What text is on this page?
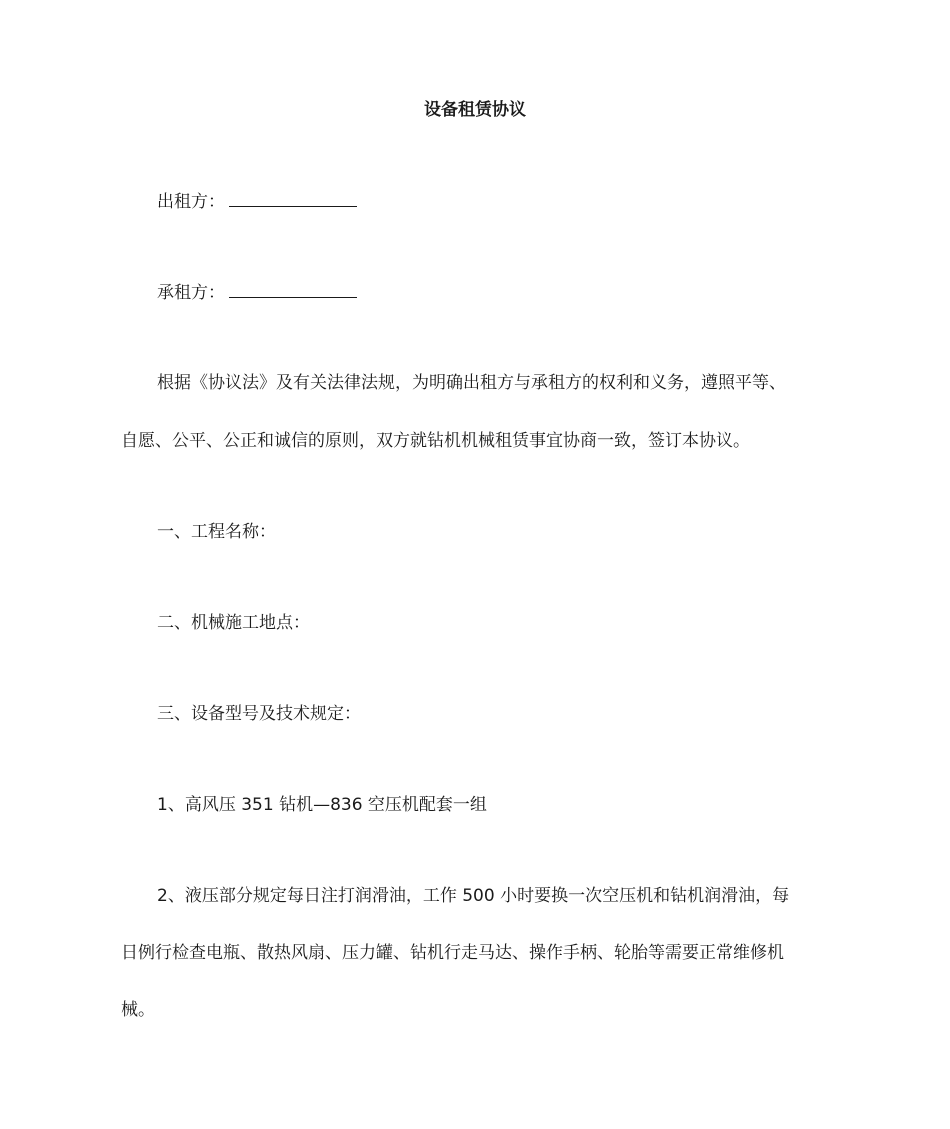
设备租赁协议
出租方：
承租方：
根据《协议法》及有关法律法规，为明确出租方与承租方的权利和义务，遵照平等、
自愿、公平、公正和诚信的原则，双方就钻机机械租赁事宜协商一致，签订本协议。
一、工程名称：
二、机械施工地点：
三、设备型号及技术规定：
1、高风压 351 钻机—836 空压机配套一组
2、液压部分规定每日注打润滑油，工作 500 小时要换一次空压机和钻机润滑油，每
日例行检查电瓶、散热风扇、压力罐、钻机行走马达、操作手柄、轮胎等需要正常维修机
械。
